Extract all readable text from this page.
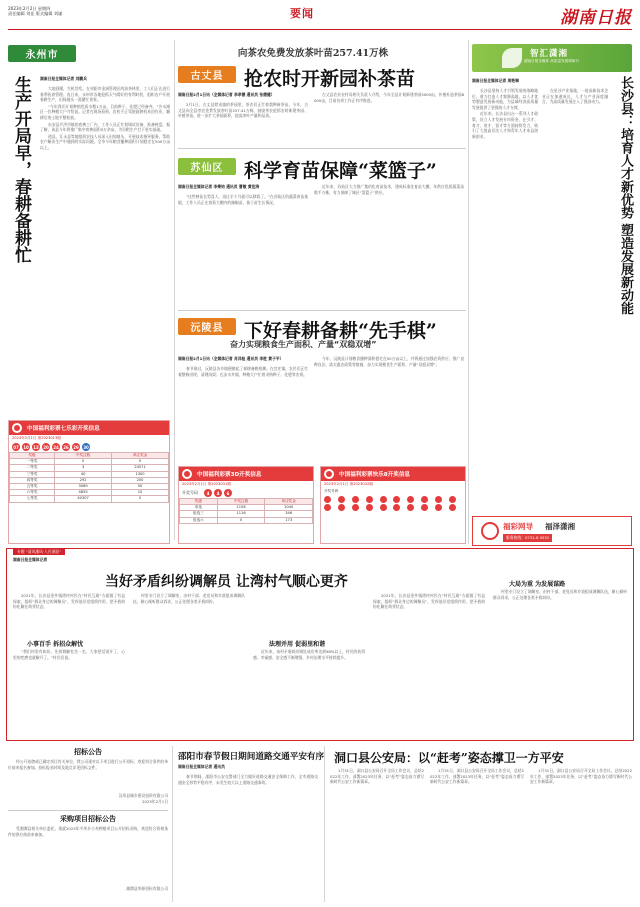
2023年2月2日 星期四
责任编辑 刘佳 版式编辑 刘谦	要闻	湖南日报
永州市
生产开局早，春耕备耕忙 湖南日报全媒体记者 刘鹏兵

大地回暖，生机勃发。在祁阳市金洞管理区的油茶林里，工人们正在进行春季抚育管理。连日来，永州市各地抢抓天气晴好的有利时机，组织农户开展春耕生产，田间地头一派繁忙景象。

“今年我们计划种植优质水稻1万亩，目前种子、化肥已经备齐。”冷水滩区一位种粮大户介绍说。记者在现场看到，农机手正驾驶旋耕机来回作业，翻耕后的土地平整松软。

东安县芦洪市镇的育秧工厂内，工作人员正忙着调试设备、准备秧盘。据了解，该县今年将推广集中育秧面积5万余亩，为早稻生产打下坚实基础。

道县、江永县等地组织农技人员深入田间地头，开展技术指导服务，帮助农户解决生产中遇到的实际问题。全市今年粮食播种面积计划稳定在500万亩以上。

中国福利彩票七乐彩开奖信息
2023年2月1日 第2023013期
07	10	13	20	24	26	29	30
奖级	中奖注数	单注奖金
一等奖	0	0
二等奖	3	24571
三等奖	40	1300
四等奖	292	200
五等奖	3089	50
六等奖	4855	10
七等奖	40307	5
向茶农免费发放茶叶苗257.41万株
古丈县	抢农时开新园补茶苗
湖南日报2月1日讯（全媒体记者 李孝德 通讯员 张德健）

2月1日，古丈县默戎镇的茶园里，茶农们正忙着栽种新茶苗。今年，古丈县向全县茶农免费发放茶叶苗257.41万株，鼓励茶农抢抓农时新建茶园、补植茶苗，进一步扩大茶园面积，提高茶叶产量和品质。

古丈县农业农村局相关负责人介绍，今年全县计划新建茶园5000亩，补植补造茶园8000亩，目前各项工作正有序推进。

苏仙区	科学育苗保障“菜篮子”
湖南日报全媒体记者 李秉钧 通讯员 曹敏 黄佳涛

“这些秧苗长势喜人，再过半个月就可以移栽了。”在苏仙区的蔬菜育苗基地，工作人员正在查看大棚内的辣椒苗、茄子苗生长情况。

近年来，苏仙区大力推广集约化育苗技术，建成标准化育苗大棚，年供应优质蔬菜苗数千万株，有力保障了城区“菜篮子”供应。

沅陵县	下好春耕备耕“先手棋”
奋力实现粮食生产面积、产量“双稳双增”
湖南日报2月1日讯（全媒体记者 肖洋桂 通讯员 李胜 黄子平）

春节刚过，沅陵县各乡镇便掀起了春耕备耕热潮。在官庄镇，农民们正忙着整修田埂、清理沟渠；在凉水井镇，种粮大户忙着采购种子、化肥等农资。

今年，沅陵县计划粮食播种面积稳定在50万亩以上，并将通过加强农资供应、推广良种良法、落实惠农政策等措施，奋力实现粮食生产面积、产量“双稳双增”。

中国福利彩票3D开奖信息
2023年2月1日 第2023031期
开奖号码	4	4	6
奖级	中奖注数	单注奖金
单选	1158	1040
组选三	1116	346
组选六	0	173
中国福利彩票快乐8开奖信息
2023年2月1日 第2023032期
开奖号码
智汇潇湘
湖南日报全媒体 高质量发展调研行
长沙县：培育人才新优势 塑造发展新动能
湖南日报全媒体记者 周艳琳

长沙县坚持人才引领发展的战略地位，着力打造人才集聚高地，以人才优势塑造发展新动能，为县域经济高质量发展提供了坚强的人才支撑。

近年来，长沙县出台一系列人才政策，设立人才发展专项资金，在引才、育才、用才、留才等方面持续发力，吸引了大批高层次人才和青年人才来县创新创业。

在星沙产业基地，一批高新技术企业正在加速成长，人才与产业深度融合，为高质量发展注入了强劲动力。

福彩网导 福泽潇湘
服务热线：0731-8 0552
专题 “清风湘风·人民满意”
湖南日报全媒体记者
当好矛盾纠纷调解员 让湾村气顺心更齐

2021年，长沙县金井镇湾村村民在“村民互助”方面做了有益探索，组织“群众身边的调解员”，发挥基层党组织作用，把矛盾纠纷化解在萌芽状态。

小事百手 拆招众解忧

“我们村里有纠纷，先到调解室坐一坐，大家把话说开了，心里的疙瘩也就解开了。”村民们说。

村里专门设立了调解室，由村干部、老党员和乡贤组成调解队伍，耐心倾听群众诉求，公正处理各类矛盾纠纷。

法理并用 促弱里和谐

近年来，该村矛盾纠纷调处成功率达到98%以上，村民的获得感、幸福感、安全感不断增强，乡村治理水平持续提升。

2021年，长沙县金井镇湾村村民在“村民互助”方面做了有益探索，组织“群众身边的调解员”，发挥基层党组织作用，把矛盾纠纷化解在萌芽状态。

大局为重 为发展谋路

村里专门设立了调解室，由村干部、老党员和乡贤组成调解队伍，耐心倾听群众诉求，公正处理各类矛盾纠纷。

招标公告

经公开选聘或已确定项目有关单位，我公司现对以下项目进行公开招标，欢迎符合条件的单位前来报名参加。投标报名时间及地点详见招标文件。

汉寿县城乡建设投资有限公司
2023年2月1日
采购项目招标公告

受湘潭县相关单位委托，现就2023年平坝乡小麦种植项目公开招标采购，欢迎符合资格条件的供应商前来参加。

湘潭县华源招标有限公司
邵阳市春节假日期间道路交通平安有序
湖南日报全媒体记者 通讯员

春节期间，邵阳市公安交警部门全力做好道路交通安全保障工作，全市道路交通安全形势平稳有序，未发生较大以上道路交通事故。

洞口县公安局：以“赶考”姿态撑卫一方平安

1月31日，洞口县公安局召开全局工作会议，总结2022年工作，部署2023年任务，以“赶考”姿态奋力谱写新时代公安工作新篇章。

1月31日，洞口县公安局召开全局工作会议，总结2022年工作，部署2023年任务，以“赶考”姿态奋力谱写新时代公安工作新篇章。

1月31日，洞口县公安局召开全局工作会议，总结2022年工作，部署2023年任务，以“赶考”姿态奋力谱写新时代公安工作新篇章。
